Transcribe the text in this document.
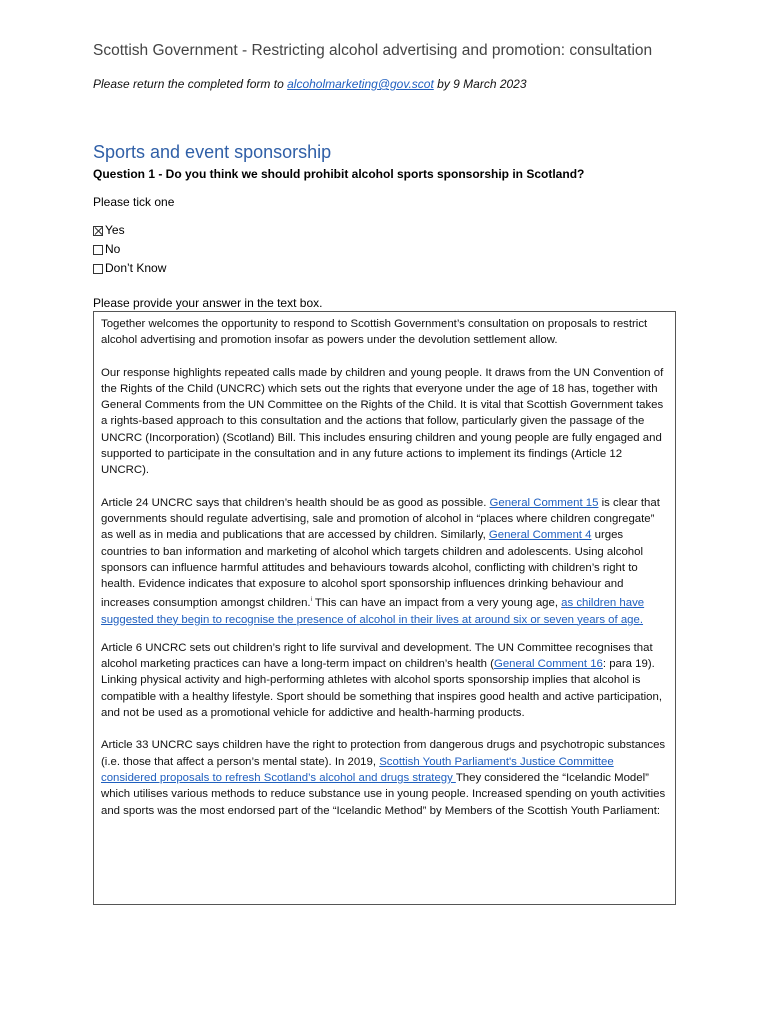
Scottish Government - Restricting alcohol advertising and promotion: consultation
Please return the completed form to alcoholmarketing@gov.scot by 9 March 2023
Sports and event sponsorship
Question 1 - Do you think we should prohibit alcohol sports sponsorship in Scotland?
Please tick one
Yes
No
Don’t Know
Please provide your answer in the text box.

Together welcomes the opportunity to respond to Scottish Government’s consultation on proposals to restrict alcohol advertising and promotion insofar as powers under the devolution settlement allow.

Our response highlights repeated calls made by children and young people. It draws from the UN Convention of the Rights of the Child (UNCRC) which sets out the rights that everyone under the age of 18 has, together with General Comments from the UN Committee on the Rights of the Child. It is vital that Scottish Government takes a rights-based approach to this consultation and the actions that follow, particularly given the passage of the UNCRC (Incorporation) (Scotland) Bill. This includes ensuring children and young people are fully engaged and supported to participate in the consultation and in any future actions to implement its findings (Article 12 UNCRC).

Article 24 UNCRC says that children’s health should be as good as possible. General Comment 15 is clear that governments should regulate advertising, sale and promotion of alcohol in “places where children congregate” as well as in media and publications that are accessed by children. Similarly, General Comment 4 urges countries to ban information and marketing of alcohol which targets children and adolescents. Using alcohol sponsors can influence harmful attitudes and behaviours towards alcohol, conflicting with children’s right to health. Evidence indicates that exposure to alcohol sport sponsorship influences drinking behaviour and increases consumption amongst children.$^i$ This can have an impact from a very young age, as children have suggested they begin to recognise the presence of alcohol in their lives at around six or seven years of age.

Article 6 UNCRC sets out children’s right to life survival and development. The UN Committee recognises that alcohol marketing practices can have a long-term impact on children’s health (General Comment 16: para 19). Linking physical activity and high-performing athletes with alcohol sports sponsorship implies that alcohol is compatible with a healthy lifestyle. Sport should be something that inspires good health and active participation, and not be used as a promotional vehicle for addictive and health-harming products.

Article 33 UNCRC says children have the right to protection from dangerous drugs and psychotropic substances (i.e. those that affect a person’s mental state). In 2019, Scottish Youth Parliament's Justice Committee considered proposals to refresh Scotland’s alcohol and drugs strategy They considered the “Icelandic Model” which utilises various methods to reduce substance use in young people. Increased spending on youth activities and sports was the most endorsed part of the “Icelandic Method” by Members of the Scottish Youth Parliament:
